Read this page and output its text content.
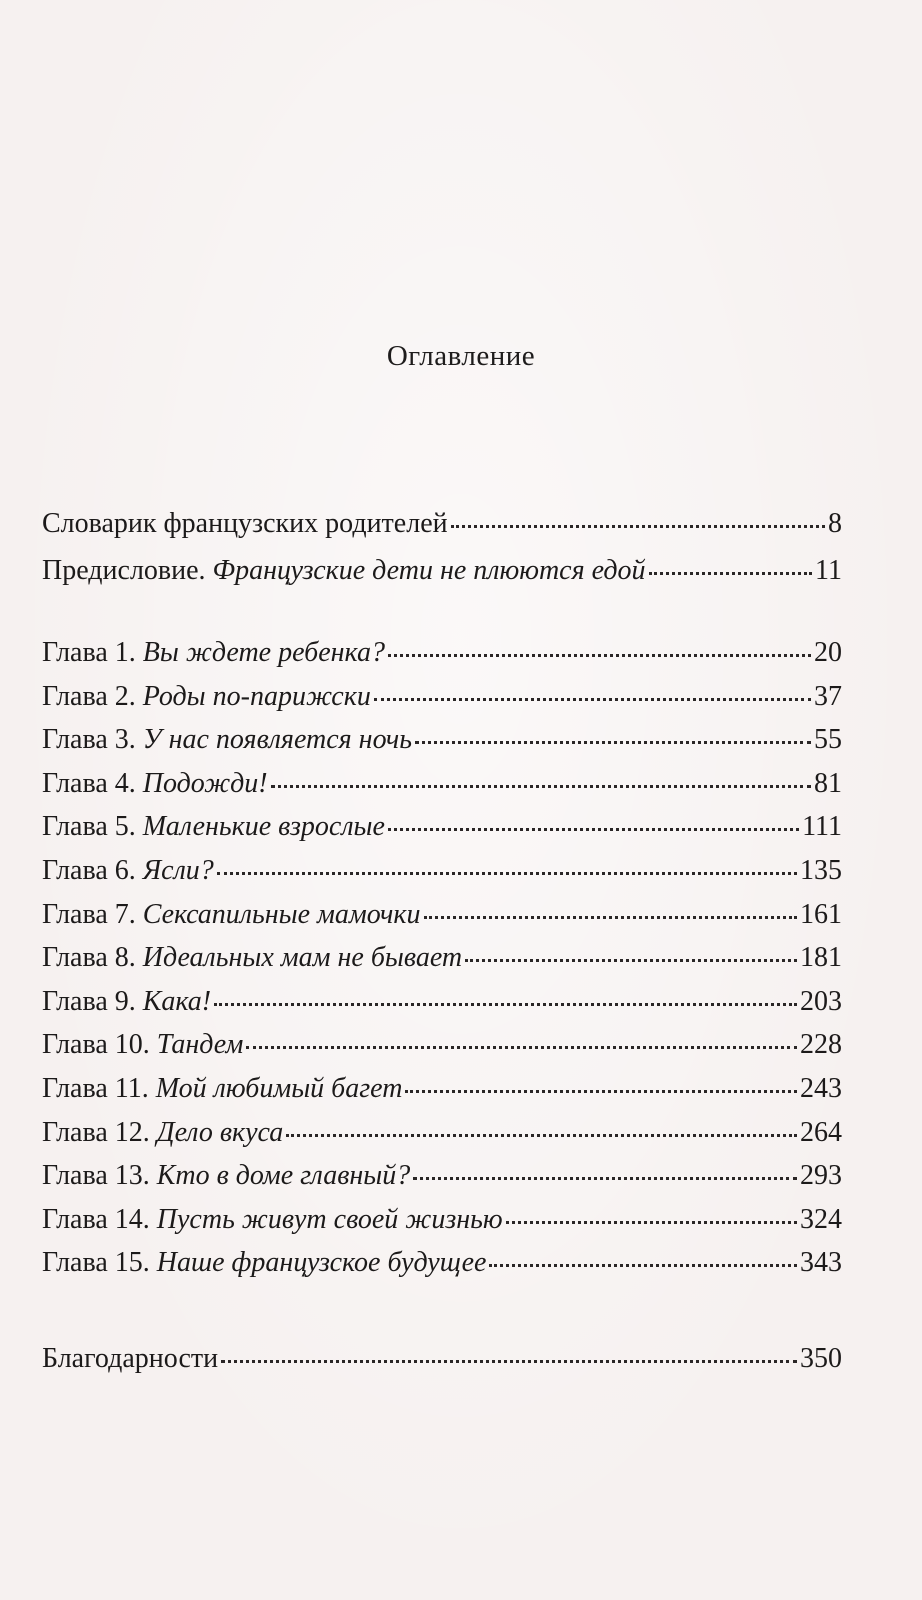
Оглавление
Словарик французских родителей	8
Предисловие. Французские дети не плюются едой	11
Глава 1. Вы ждете ребенка?	20
Глава 2. Роды по-парижски	37
Глава 3. У нас появляется ночь	55
Глава 4. Подожди!	81
Глава 5. Маленькие взрослые	111
Глава 6. Ясли?	135
Глава 7. Сексапильные мамочки	161
Глава 8. Идеальных мам не бывает	181
Глава 9. Кака!	203
Глава 10. Тандем	228
Глава 11. Мой любимый багет	243
Глава 12. Дело вкуса	264
Глава 13. Кто в доме главный?	293
Глава 14. Пусть живут своей жизнью	324
Глава 15. Наше французское будущее	343
Благодарности	350
